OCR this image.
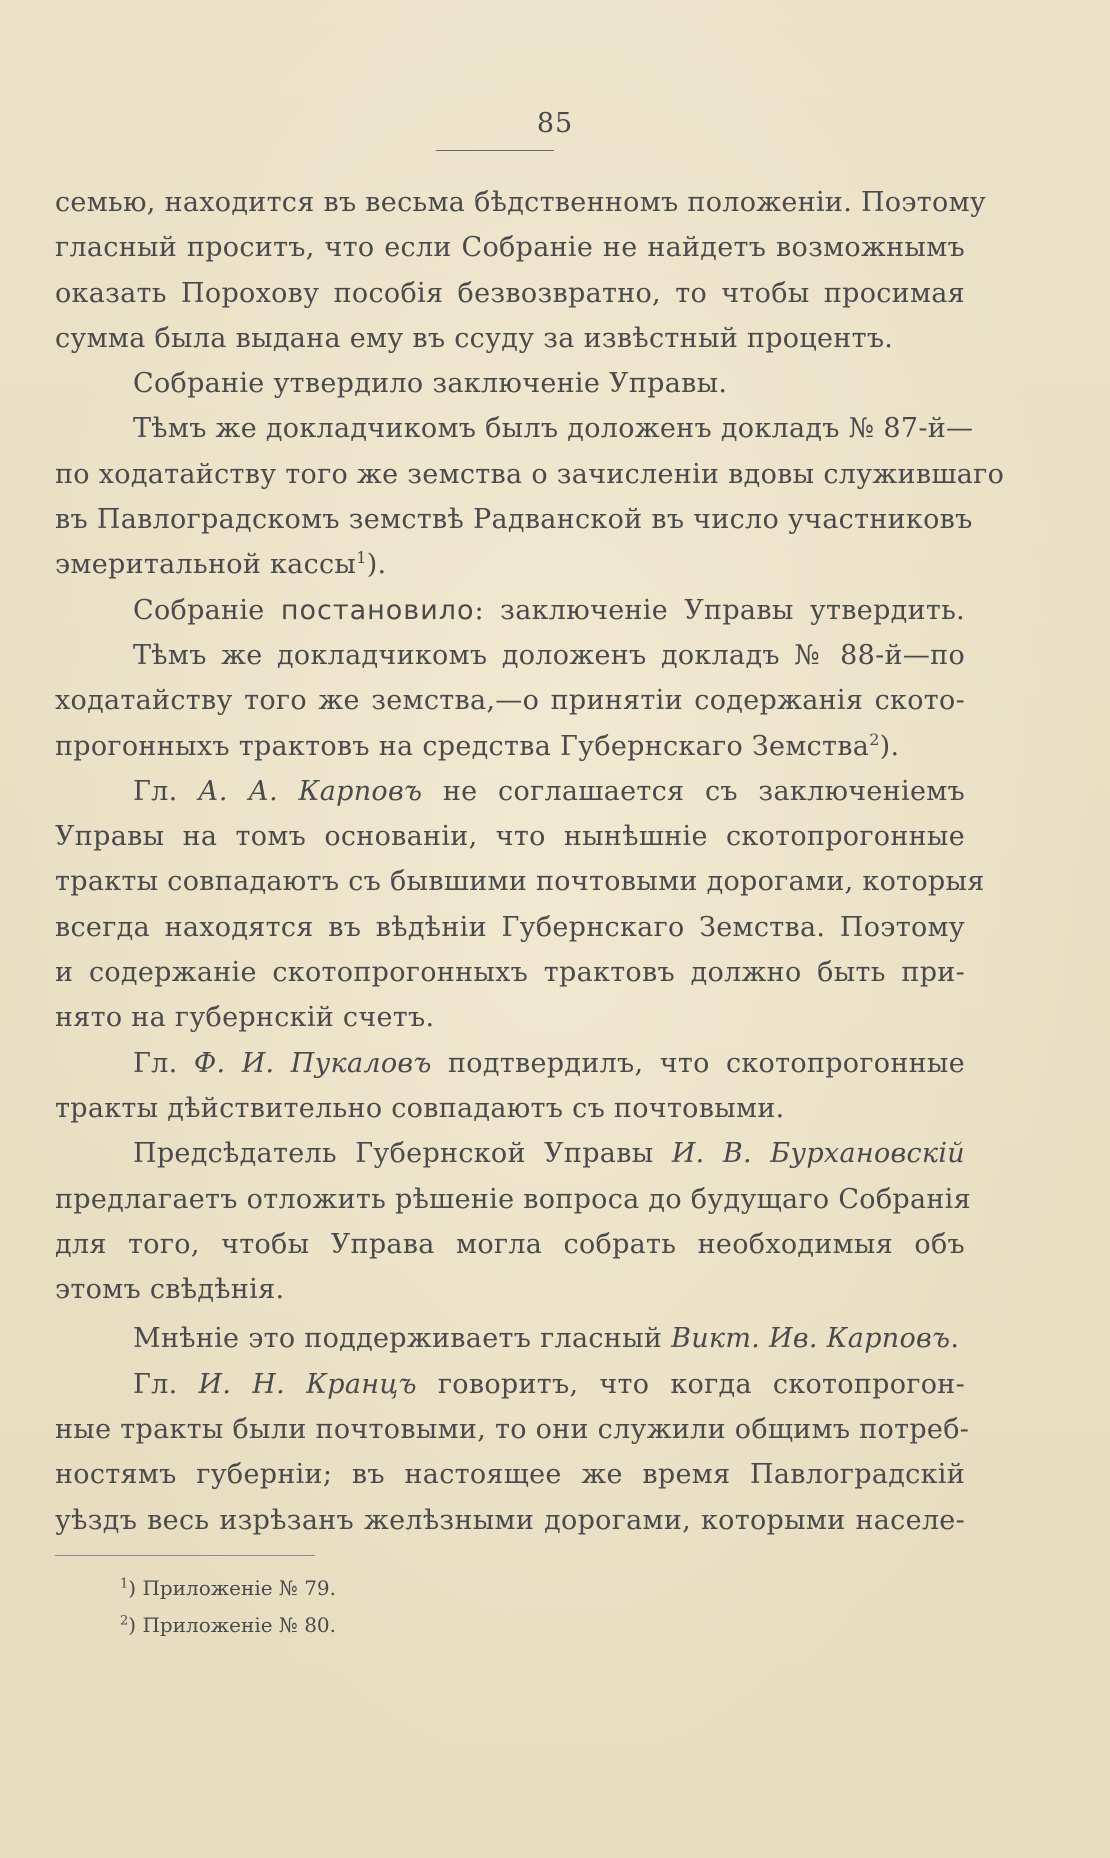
85
семью, находится въ весьма бѣдственномъ положеніи. Поэтому
гласный проситъ, что если Собраніе не найдетъ возможнымъ
оказать Порохову пособія безвозвратно, то чтобы просимая
сумма была выдана ему въ ссуду за извѣстный процентъ.
Собраніе утвердило заключеніе Управы.
Тѣмъ же докладчикомъ былъ доложенъ докладъ № 87-й—
по ходатайству того же земства о зачисленіи вдовы служившаго
въ Павлоградскомъ земствѣ Радванской въ число участниковъ
эмеритальной кассы$^1$).
Собраніе постановило: заключеніе Управы утвердить.
Тѣмъ же докладчикомъ доложенъ докладъ № 88-й—по
ходатайству того же земства,—о принятіи содержанія ското-
прогонныхъ трактовъ на средства Губернскаго Земства$^2$).
Гл. А. А. Карповъ не соглашается съ заключеніемъ
Управы на томъ основаніи, что нынѣшніе скотопрогонные
тракты совпадаютъ съ бывшими почтовыми дорогами, которыя
всегда находятся въ вѣдѣніи Губернскаго Земства. Поэтому
и содержаніе скотопрогонныхъ трактовъ должно быть при-
нято на губернскій счетъ.
Гл. Ф. И. Пукаловъ подтвердилъ, что скотопрогонные
тракты дѣйствительно совпадаютъ съ почтовыми.
Предсѣдатель Губернской Управы И. В. Бурхановскій
предлагаетъ отложить рѣшеніе вопроса до будущаго Собранія
для того, чтобы Управа могла собрать необходимыя объ
этомъ свѣдѣнія.
Мнѣніе это поддерживаетъ гласный Викт. Ив. Карповъ.
Гл. И. Н. Кранцъ говоритъ, что когда скотопрогон-
ные тракты были почтовыми, то они служили общимъ потреб-
ностямъ губерніи; въ настоящее же время Павлоградскій
уѣздъ весь изрѣзанъ желѣзными дорогами, которыми населе-
$^1$) Приложеніе № 79.
$^2$) Приложеніе № 80.
